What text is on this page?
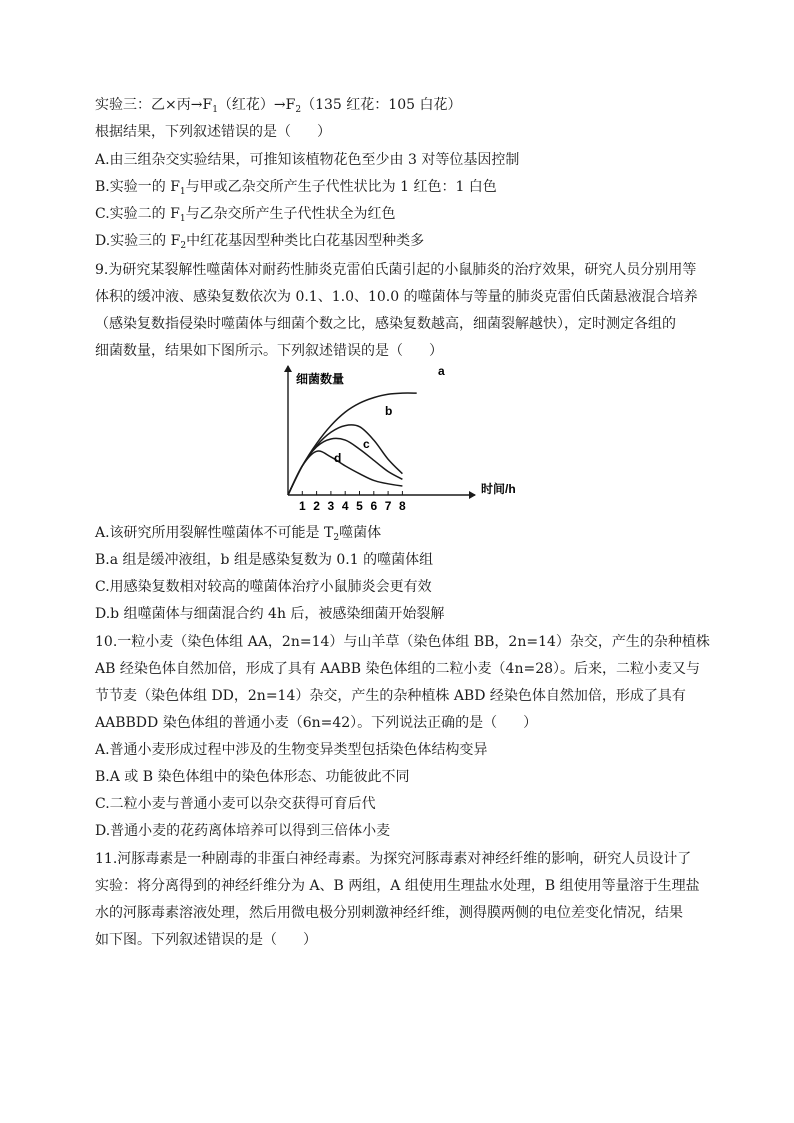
实验三：乙×丙$\to F_1$（红花）$\to F_2(135$ 红花：105 白花）
根据结果，下列叙述错误的是（ ）
A.由三组杂交实验结果，可推知该植物花色至少由 3 对等位基因控制
B.实验一的 $F_1$与甲或乙杂交所产生子代性状比为 1 红色：1 白色
C.实验二的 $F_1$与乙杂交所产生子代性状全为红色
D.实验三的 $F_2$中红花基因型种类比白花基因型种类多
9.为研究某裂解性噬菌体对耐药性肺炎克雷伯氏菌引起的小鼠肺炎的治疗效果，研究人员分别用等
体积的缓冲液、感染复数依次为 0.1、1.0、10.0 的噬菌体与等量的肺炎克雷伯氏菌悬液混合培养
（感染复数指侵染时噬菌体与细菌个数之比，感染复数越高，细菌裂解越快），定时测定各组的
细菌数量，结果如下图所示。下列叙述错误的是（ ）
细菌数量
时间/h
1 2 3 4 5 6 7 8
a
b
c
d
A.该研究所用裂解性噬菌体不可能是 $T_2$噬菌体
B.a 组是缓冲液组，b 组是感染复数为 0.1 的噬菌体组
C.用感染复数相对较高的噬菌体治疗小鼠肺炎会更有效
D.b 组噬菌体与细菌混合约 4h 后，被感染细菌开始裂解
10.一粒小麦（染色体组 AA，2n=14）与山羊草（染色体组 BB，2n=14）杂交，产生的杂种植株
AB 经染色体自然加倍，形成了具有 AABB 染色体组的二粒小麦（4n=28）。后来，二粒小麦又与
节节麦（染色体组 DD，2n=14）杂交，产生的杂种植株 ABD 经染色体自然加倍，形成了具有
AABBDD 染色体组的普通小麦（6n=42）。下列说法正确的是（ ）
A.普通小麦形成过程中涉及的生物变异类型包括染色体结构变异
B.A 或 B 染色体组中的染色体形态、功能彼此不同
C.二粒小麦与普通小麦可以杂交获得可育后代
D.普通小麦的花药离体培养可以得到三倍体小麦
11.河豚毒素是一种剧毒的非蛋白神经毒素。为探究河豚毒素对神经纤维的影响，研究人员设计了
实验：将分离得到的神经纤维分为 A、B 两组，A 组使用生理盐水处理，B 组使用等量溶于生理盐
水的河豚毒素溶液处理，然后用微电极分别刺激神经纤维，测得膜两侧的电位差变化情况，结果
如下图。下列叙述错误的是（ ）
